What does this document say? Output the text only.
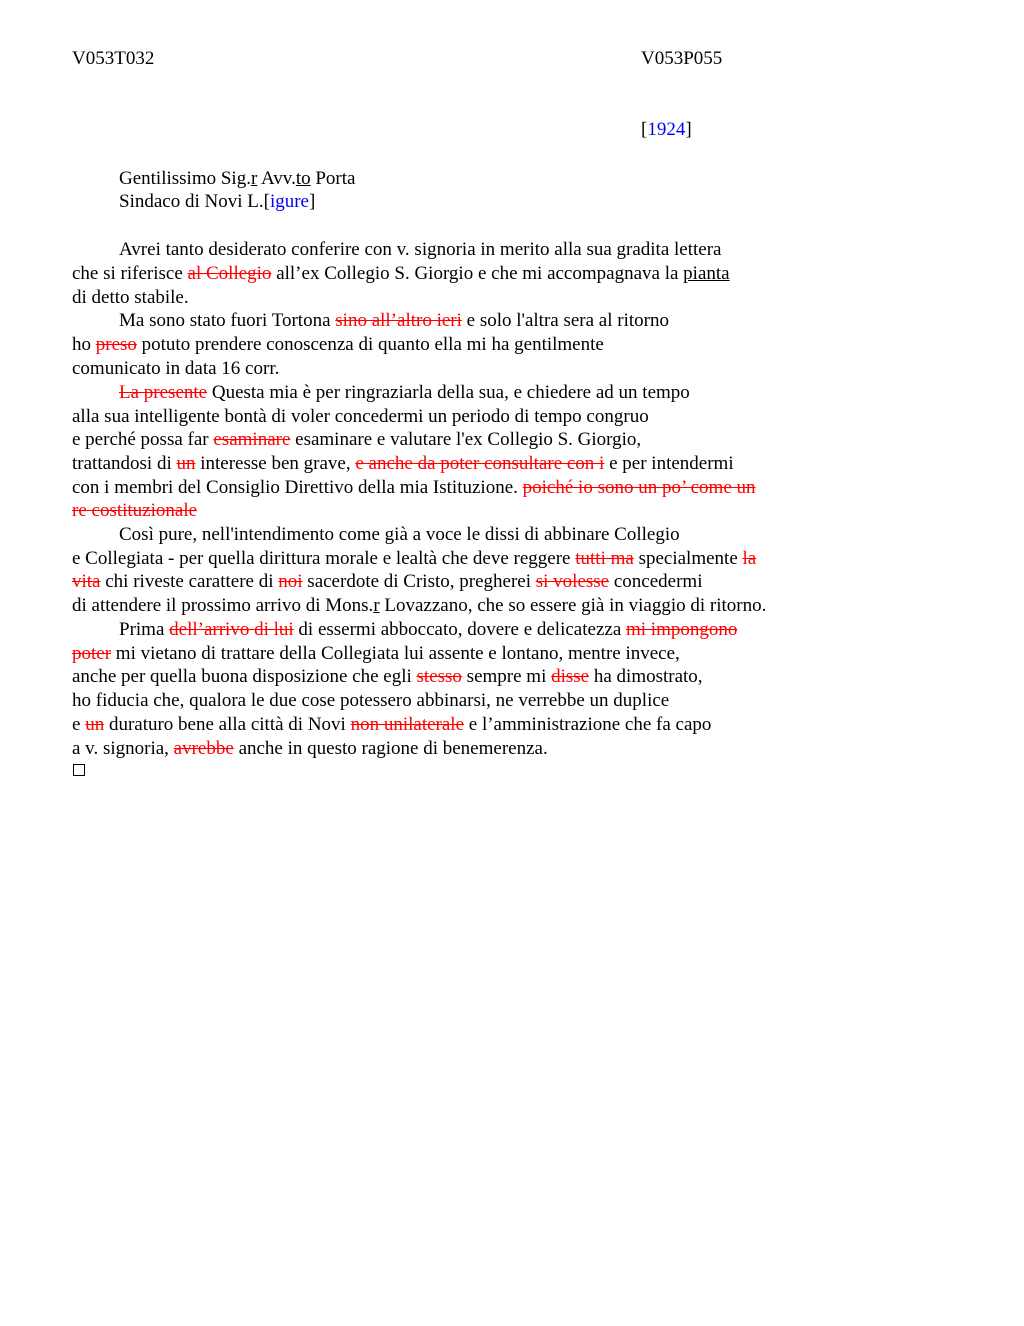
V053T032	V053P055
[1924]
Gentilissimo Sig.r Avv.to Porta
Sindaco di Novi L.[igure]
Avrei tanto desiderato conferire con v. signoria in merito alla sua gradita lettera
che si riferisce al Collegio all’ex Collegio S. Giorgio e che mi accompagnava la pianta
di detto stabile.
Ma sono stato fuori Tortona sino all’altro ieri e solo l'altra sera al ritorno
ho preso potuto prendere conoscenza di quanto ella mi ha gentilmente
comunicato in data 16 corr.
La presente Questa mia è per ringraziarla della sua, e chiedere ad un tempo
alla sua intelligente bontà di voler concedermi un periodo di tempo congruo
e perché possa far esaminare esaminare e valutare l'ex Collegio S. Giorgio,
trattandosi di un interesse ben grave, e anche da poter consultare con i e per intendermi
con i membri del Consiglio Direttivo della mia Istituzione. poiché io sono un po’ come un
re costituzionale
Così pure, nell'intendimento come già a voce le dissi di abbinare Collegio
e Collegiata - per quella dirittura morale e lealtà che deve reggere tutti ma specialmente la
vita chi riveste carattere di noi sacerdote di Cristo, pregherei si volesse concedermi
di attendere il prossimo arrivo di Mons.r Lovazzano, che so essere già in viaggio di ritorno.
Prima dell’arrivo di lui di essermi abboccato, dovere e delicatezza mi impongono
poter mi vietano di trattare della Collegiata lui assente e lontano, mentre invece,
anche per quella buona disposizione che egli stesso sempre mi disse ha dimostrato,
ho fiducia che, qualora le due cose potessero abbinarsi, ne verrebbe un duplice
e un duraturo bene alla città di Novi non unilaterale e l’amministrazione che fa capo
a v. signoria, avrebbe anche in questo ragione di benemerenza.
